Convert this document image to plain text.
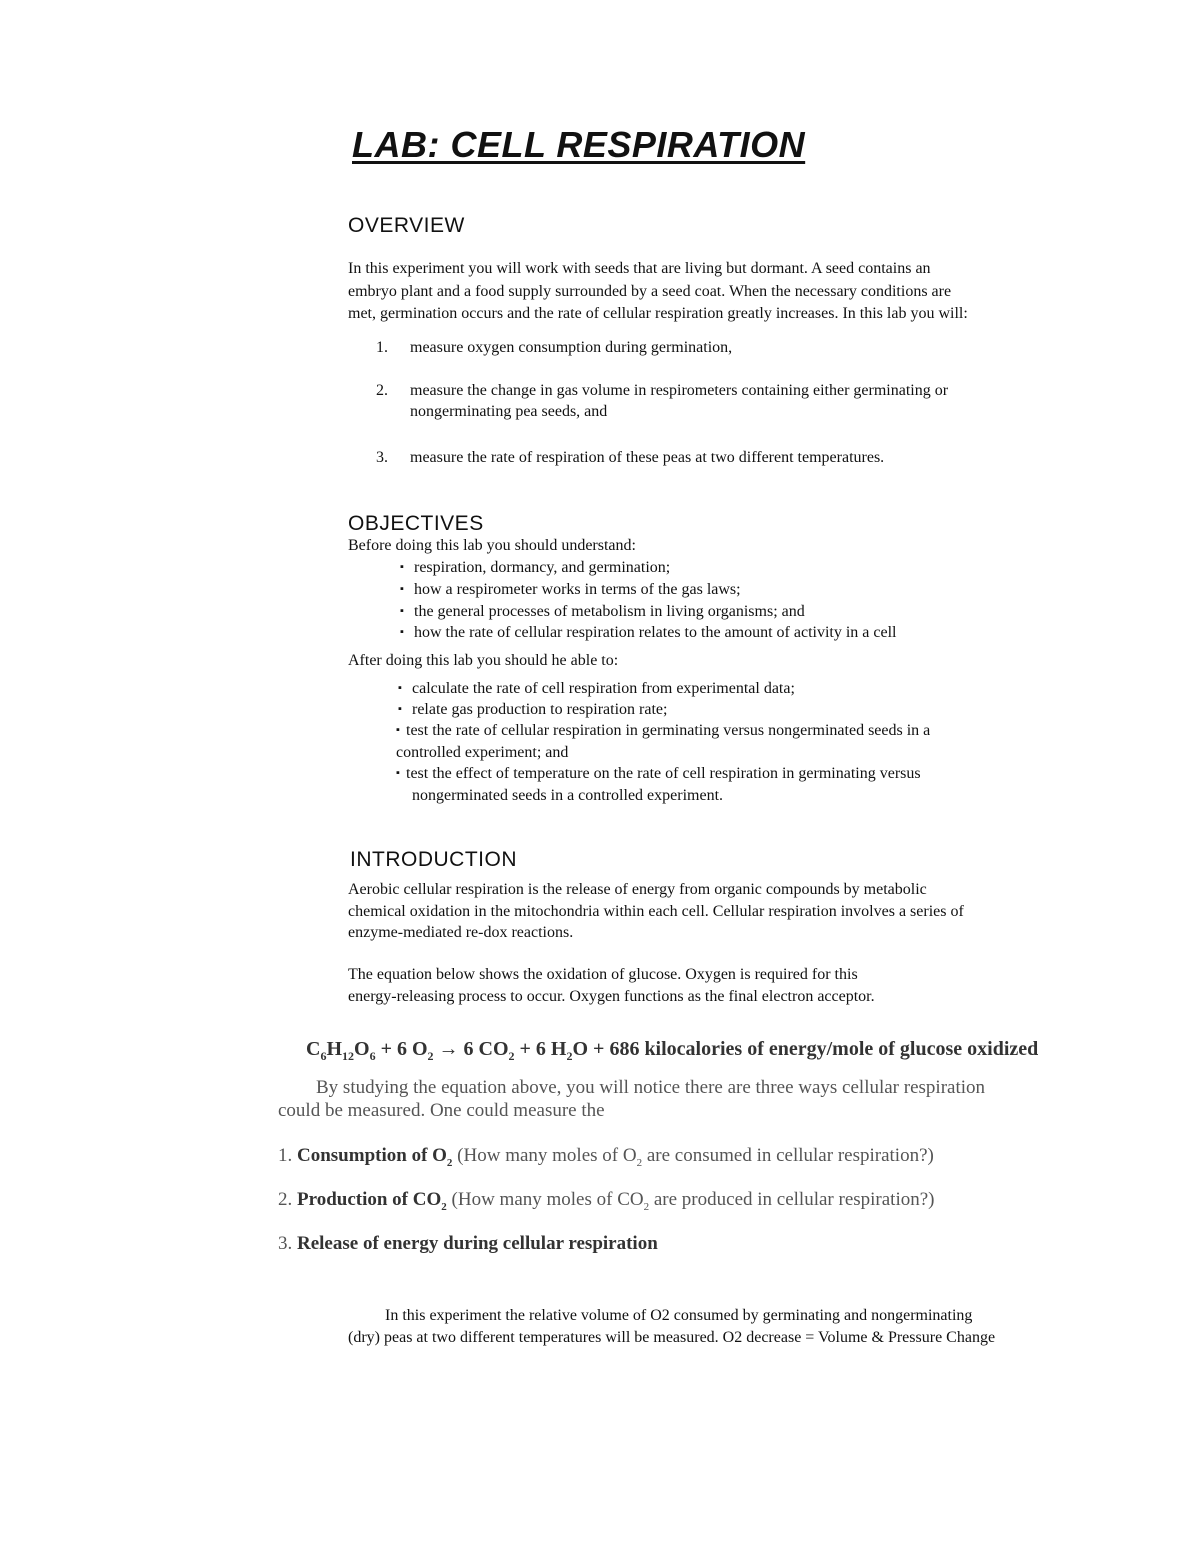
LAB: CELL RESPIRATION
OVERVIEW
In this experiment you will work with seeds that are living but dormant. A seed contains an
embryo plant and a food supply surrounded by a seed coat. When the necessary conditions are
met, germination occurs and the rate of cellular respiration greatly increases. In this lab you will:
1. measure oxygen consumption during germination,
2. measure the change in gas volume in respirometers containing either germinating or
nongerminating pea seeds, and
3. measure the rate of respiration of these peas at two different temperatures.
OBJECTIVES
Before doing this lab you should understand:
▪ respiration, dormancy, and germination;
▪ how a respirometer works in terms of the gas laws;
▪ the general processes of metabolism in living organisms; and
▪ how the rate of cellular respiration relates to the amount of activity in a cell
After doing this lab you should he able to:
▪ calculate the rate of cell respiration from experimental data;
▪ relate gas production to respiration rate;
▪ test the rate of cellular respiration in germinating versus nongerminated seeds in a
controlled experiment; and
▪ test the effect of temperature on the rate of cell respiration in germinating versus
nongerminated seeds in a controlled experiment.
INTRODUCTION
Aerobic cellular respiration is the release of energy from organic compounds by metabolic
chemical oxidation in the mitochondria within each cell. Cellular respiration involves a series of
enzyme-mediated re-dox reactions.
The equation below shows the oxidation of glucose. Oxygen is required for this
energy-releasing process to occur. Oxygen functions as the final electron acceptor.
$C_6H_{12}O_6 + 6$ $O_2 \to 6$ $CO_2 + 6$ $H_2O + 686$ kilocalories of energy/mole of glucose oxidized
By studying the equation above, you will notice there are three ways cellular respiration
could be measured. One could measure the
1. Consumption of $O_2$ (How many moles of $O_2$ are consumed in cellular respiration?)
2. Production of $CO_2$ (How many moles of $CO_2$ are produced in cellular respiration?)
3. Release of energy during cellular respiration
In this experiment the relative volume of O2 consumed by germinating and nongerminating
(dry) peas at two different temperatures will be measured. O2 decrease = Volume & Pressure Change
